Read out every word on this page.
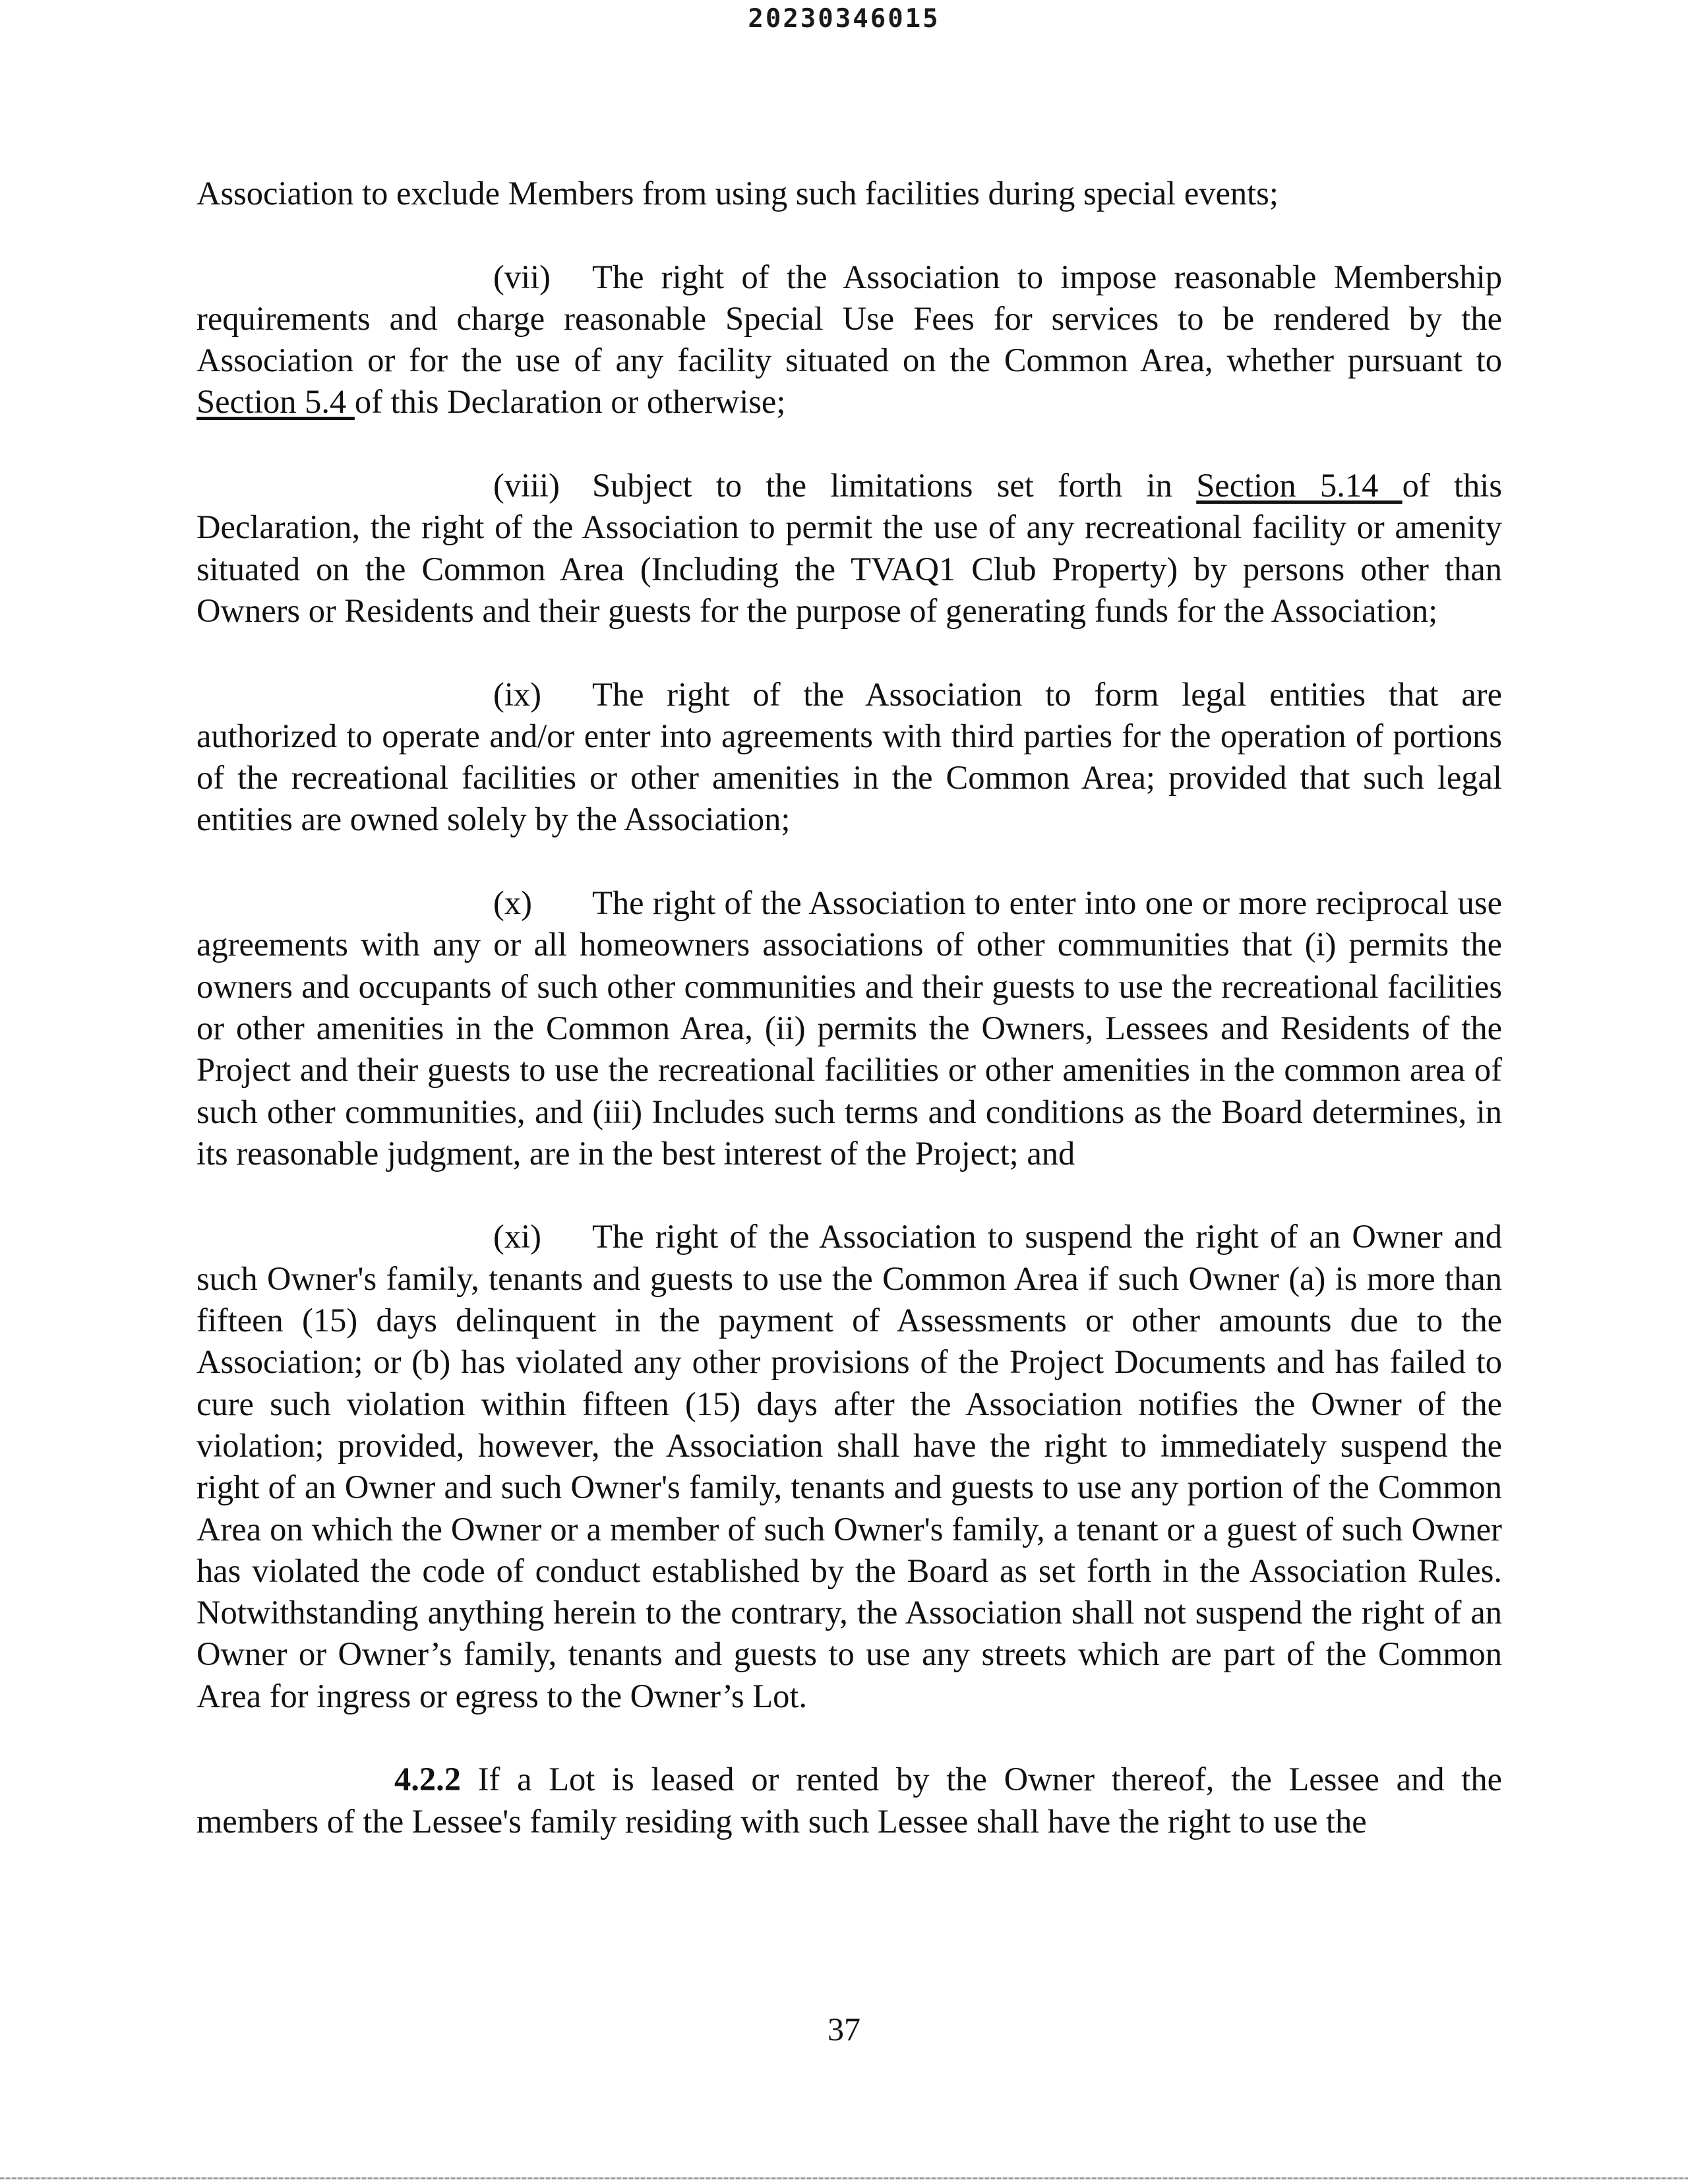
20230346015

Association to exclude Members from using such facilities during special events;

(vii) The right of the Association to impose reasonable Membership requirements and charge reasonable Special Use Fees for services to be rendered by the Association or for the use of any facility situated on the Common Area, whether pursuant to Section 5.4 of this Declaration or otherwise;

(viii) Subject to the limitations set forth in Section 5.14 of this Declaration, the right of the Association to permit the use of any recreational facility or amenity situated on the Common Area (Including the TVAQ1 Club Property) by persons other than Owners or Residents and their guests for the purpose of generating funds for the Association;

(ix) The right of the Association to form legal entities that are authorized to operate and/or enter into agreements with third parties for the operation of portions of the recreational facilities or other amenities in the Common Area; provided that such legal entities are owned solely by the Association;

(x) The right of the Association to enter into one or more reciprocal use agreements with any or all homeowners associations of other communities that (i) permits the owners and occupants of such other communities and their guests to use the recreational facilities or other amenities in the Common Area, (ii) permits the Owners, Lessees and Residents of the Project and their guests to use the recreational facilities or other amenities in the common area of such other communities, and (iii) Includes such terms and conditions as the Board determines, in its reasonable judgment, are in the best interest of the Project; and

(xi) The right of the Association to suspend the right of an Owner and such Owner's family, tenants and guests to use the Common Area if such Owner (a) is more than fifteen (15) days delinquent in the payment of Assessments or other amounts due to the Association; or (b) has violated any other provisions of the Project Documents and has failed to cure such violation within fifteen (15) days after the Association notifies the Owner of the violation; provided, however, the Association shall have the right to immediately suspend the right of an Owner and such Owner's family, tenants and guests to use any portion of the Common Area on which the Owner or a member of such Owner's family, a tenant or a guest of such Owner has violated the code of conduct established by the Board as set forth in the Association Rules. Notwithstanding anything herein to the contrary, the Association shall not suspend the right of an Owner or Owner’s family, tenants and guests to use any streets which are part of the Common Area for ingress or egress to the Owner’s Lot.

4.2.2 If a Lot is leased or rented by the Owner thereof, the Lessee and the members of the Lessee's family residing with such Lessee shall have the right to use the

37
